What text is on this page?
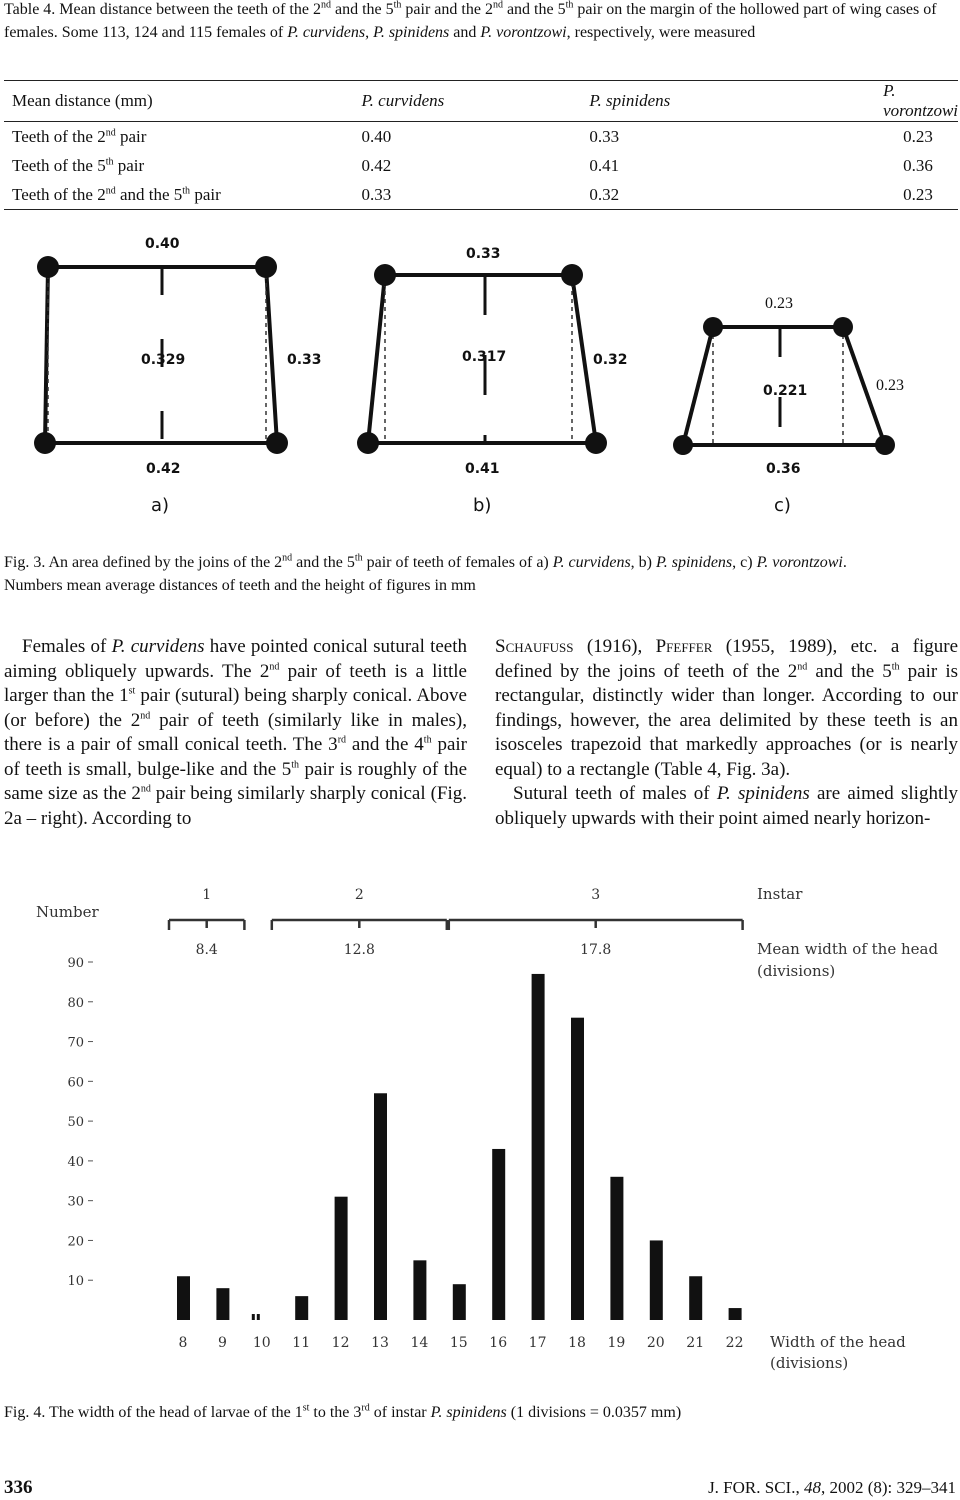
Table 4. Mean distance between the teeth of the 2nd and the 5th pair and the 2nd and the 5th pair on the margin of the hollowed part of wing cases of females. Some 113, 124 and 115 females of P. curvidens, P. spinidens and P. vorontzowi, respectively, were measured
Mean distance (mm)	P. curvidens	P. spinidens	P. vorontzowi
Teeth of the 2nd pair	0.40	0.33	0.23
Teeth of the 5th pair	0.42	0.41	0.36
Teeth of the 2nd and the 5th pair	0.33	0.32	0.23
0.40
0.329	0.33
0.42
a)
0.33
0.317	0.32
0.41
b)
0.23
0.221	0.23
0.36
c)
Fig. 3. An area defined by the joins of the 2nd and the 5th pair of teeth of females of a) P. curvidens, b) P. spinidens, c) P. vorontzowi.
Numbers mean average distances of teeth and the height of figures in mm
Females of P. curvidens have pointed conical sutural teeth aiming obliquely upwards. The 2nd pair of teeth is a little larger than the 1st pair (sutural) being sharply conical. Above (or before) the 2nd pair of teeth (similarly like in males), there is a pair of small conical teeth. The 3rd and the 4th pair of teeth is small, bulge-like and the 5th pair is roughly of the same size as the 2nd pair being similarly sharply conical (Fig. 2a – right). According to
Schaufuss (1916), Pfeffer (1955, 1989), etc. a figure defined by the joins of teeth of the 2nd and the 5th pair is rectangular, distinctly wider than longer. According to our findings, however, the area delimited by these teeth is an isosceles trapezoid that markedly approaches (or is nearly equal) to a rectangle (Table 4, Fig. 3a).
Sutural teeth of males of P. spinidens are aimed slightly obliquely upwards with their point aimed nearly horizon-
Number
10
20
30
40
50
60
70
80
90
8 9 10 11 12 13 14 15 16 17 18 19 20 21 22 Width of the head
(divisions)
1
8.4
2
12.8
3
17.8
Instar
Mean width of the head
(divisions)
Fig. 4. The width of the head of larvae of the 1st to the 3rd of instar P. spinidens (1 divisions = 0.0357 mm)
336	J. FOR. SCI., 48, 2002 (8): 329–341
